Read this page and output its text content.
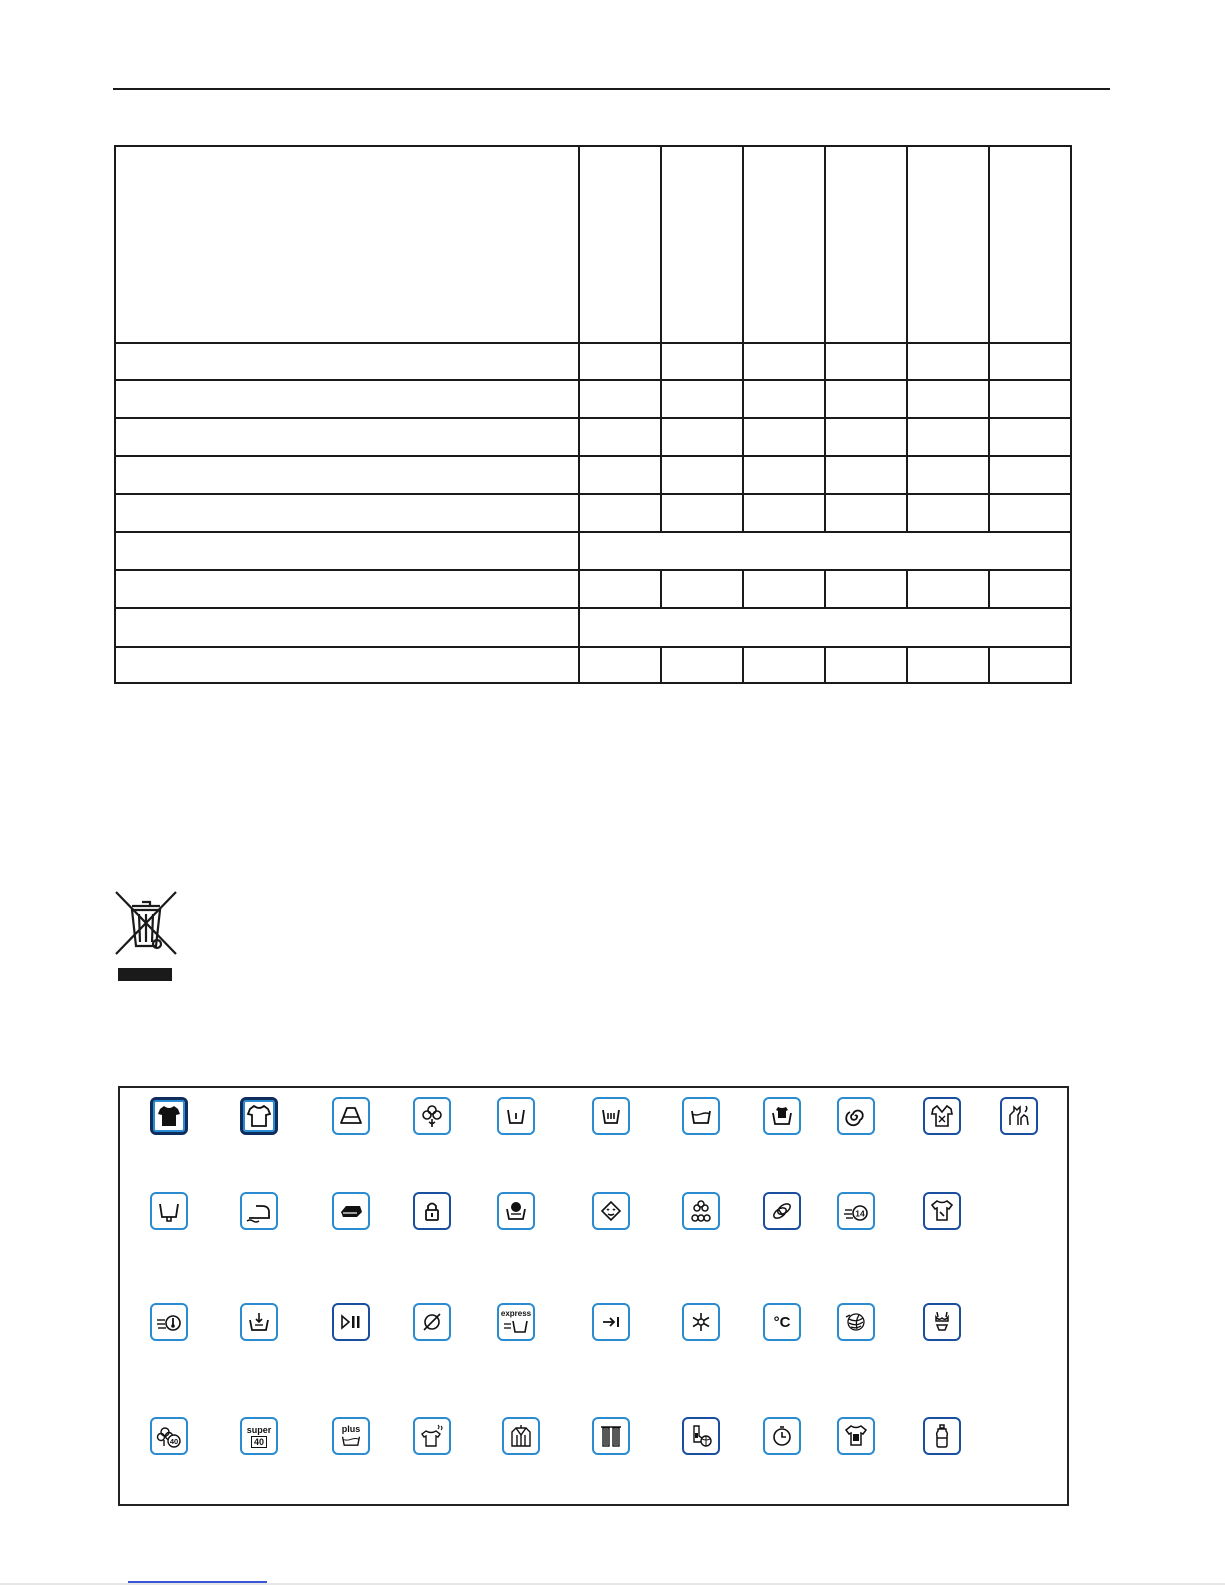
14
express	°C
40
super
40
plus
